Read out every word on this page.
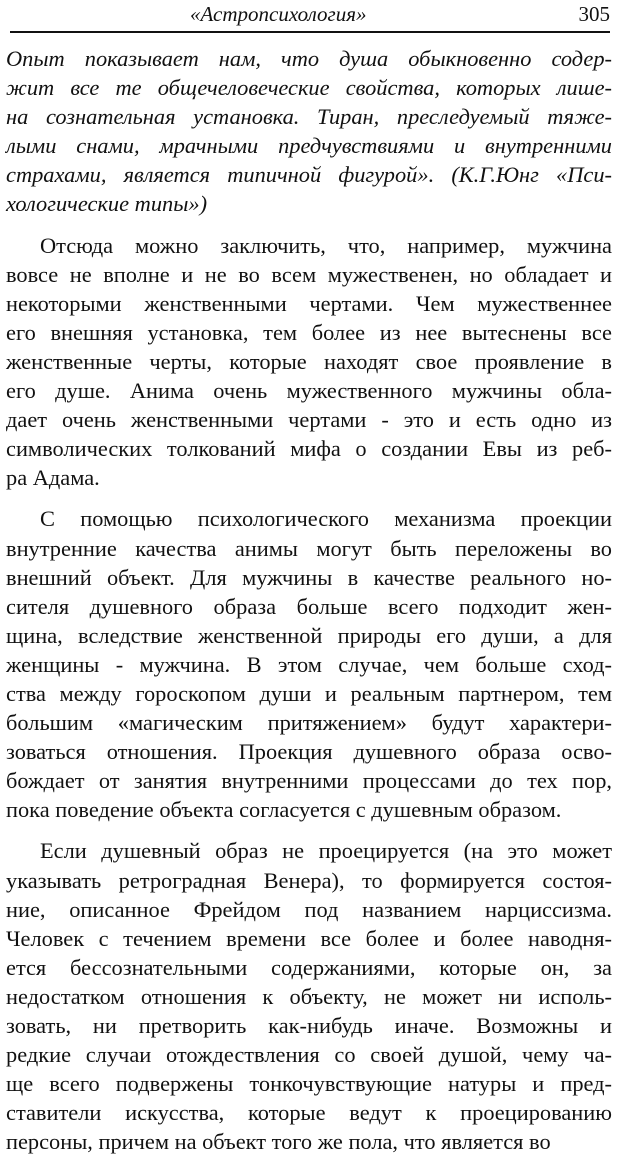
«Астропсихология»	305
Опыт показывает нам, что душа обыкновенно содер-
жит все те общечеловеческие свойства, которых лише-
на сознательная установка. Тиран, преследуемый тяже-
лыми снами, мрачными предчувствиями и внутренними
страхами, является типичной фигурой». (К.Г.Юнг «Пси-
хологические типы»)
Отсюда можно заключить, что, например, мужчина
вовсе не вполне и не во всем мужественен, но обладает и
некоторыми женственными чертами. Чем мужественнее
его внешняя установка, тем более из нее вытеснены все
женственные черты, которые находят свое проявление в
его душе. Анима очень мужественного мужчины обла-
дает очень женственными чертами - это и есть одно из
символических толкований мифа о создании Евы из реб-
ра Адама.
С помощью психологического механизма проекции
внутренние качества анимы могут быть переложены во
внешний объект. Для мужчины в качестве реального но-
сителя душевного образа больше всего подходит жен-
щина, вследствие женственной природы его души, а для
женщины - мужчина. В этом случае, чем больше сход-
ства между гороскопом души и реальным партнером, тем
большим «магическим притяжением» будут характери-
зоваться отношения. Проекция душевного образа осво-
бождает от занятия внутренними процессами до тех пор,
пока поведение объекта согласуется с душевным образом.
Если душевный образ не проецируется (на это может
указывать ретроградная Венера), то формируется состоя-
ние, описанное Фрейдом под названием нарциссизма.
Человек с течением времени все более и более наводня-
ется бессознательными содержаниями, которые он, за
недостатком отношения к объекту, не может ни исполь-
зовать, ни претворить как-нибудь иначе. Возможны и
редкие случаи отождествления со своей душой, чему ча-
ще всего подвержены тонкочувствующие натуры и пред-
ставители искусства, которые ведут к проецированию
персоны, причем на объект того же пола, что является во
